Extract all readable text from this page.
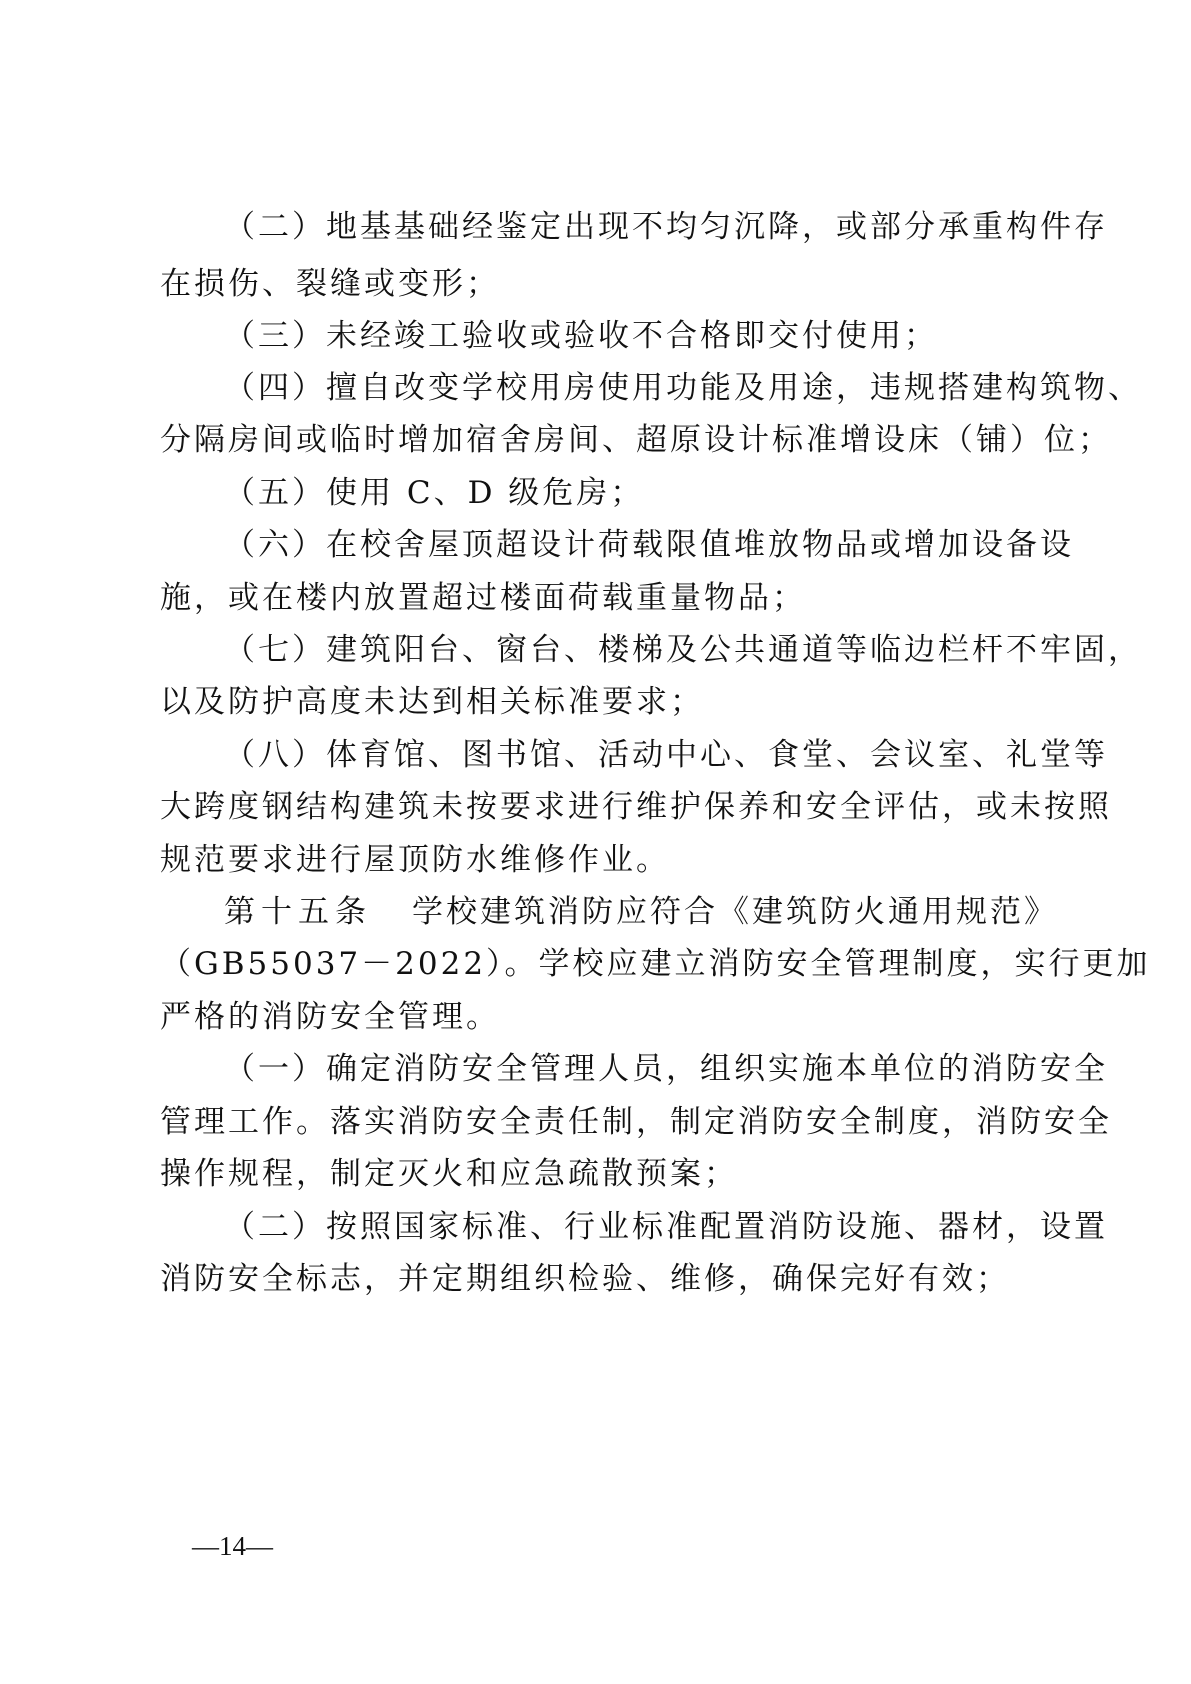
（二）地基基础经鉴定出现不均匀沉降，或部分承重构件存
在损伤、裂缝或变形；
（三）未经竣工验收或验收不合格即交付使用；
（四）擅自改变学校用房使用功能及用途，违规搭建构筑物、
分隔房间或临时增加宿舍房间、超原设计标准增设床（铺）位；
（五）使用 C、D 级危房；
（六）在校舍屋顶超设计荷载限值堆放物品或增加设备设
施，或在楼内放置超过楼面荷载重量物品；
（七）建筑阳台、窗台、楼梯及公共通道等临边栏杆不牢固，
以及防护高度未达到相关标准要求；
（八）体育馆、图书馆、活动中心、食堂、会议室、礼堂等
大跨度钢结构建筑未按要求进行维护保养和安全评估，或未按照
规范要求进行屋顶防水维修作业。
第十五条 学校建筑消防应符合《建筑防火通用规范》
（GB55037－2022）。学校应建立消防安全管理制度，实行更加
严格的消防安全管理。
（一）确定消防安全管理人员，组织实施本单位的消防安全
管理工作。落实消防安全责任制，制定消防安全制度，消防安全
操作规程，制定灭火和应急疏散预案；
（二）按照国家标准、行业标准配置消防设施、器材，设置
消防安全标志，并定期组织检验、维修，确保完好有效；
—14—
